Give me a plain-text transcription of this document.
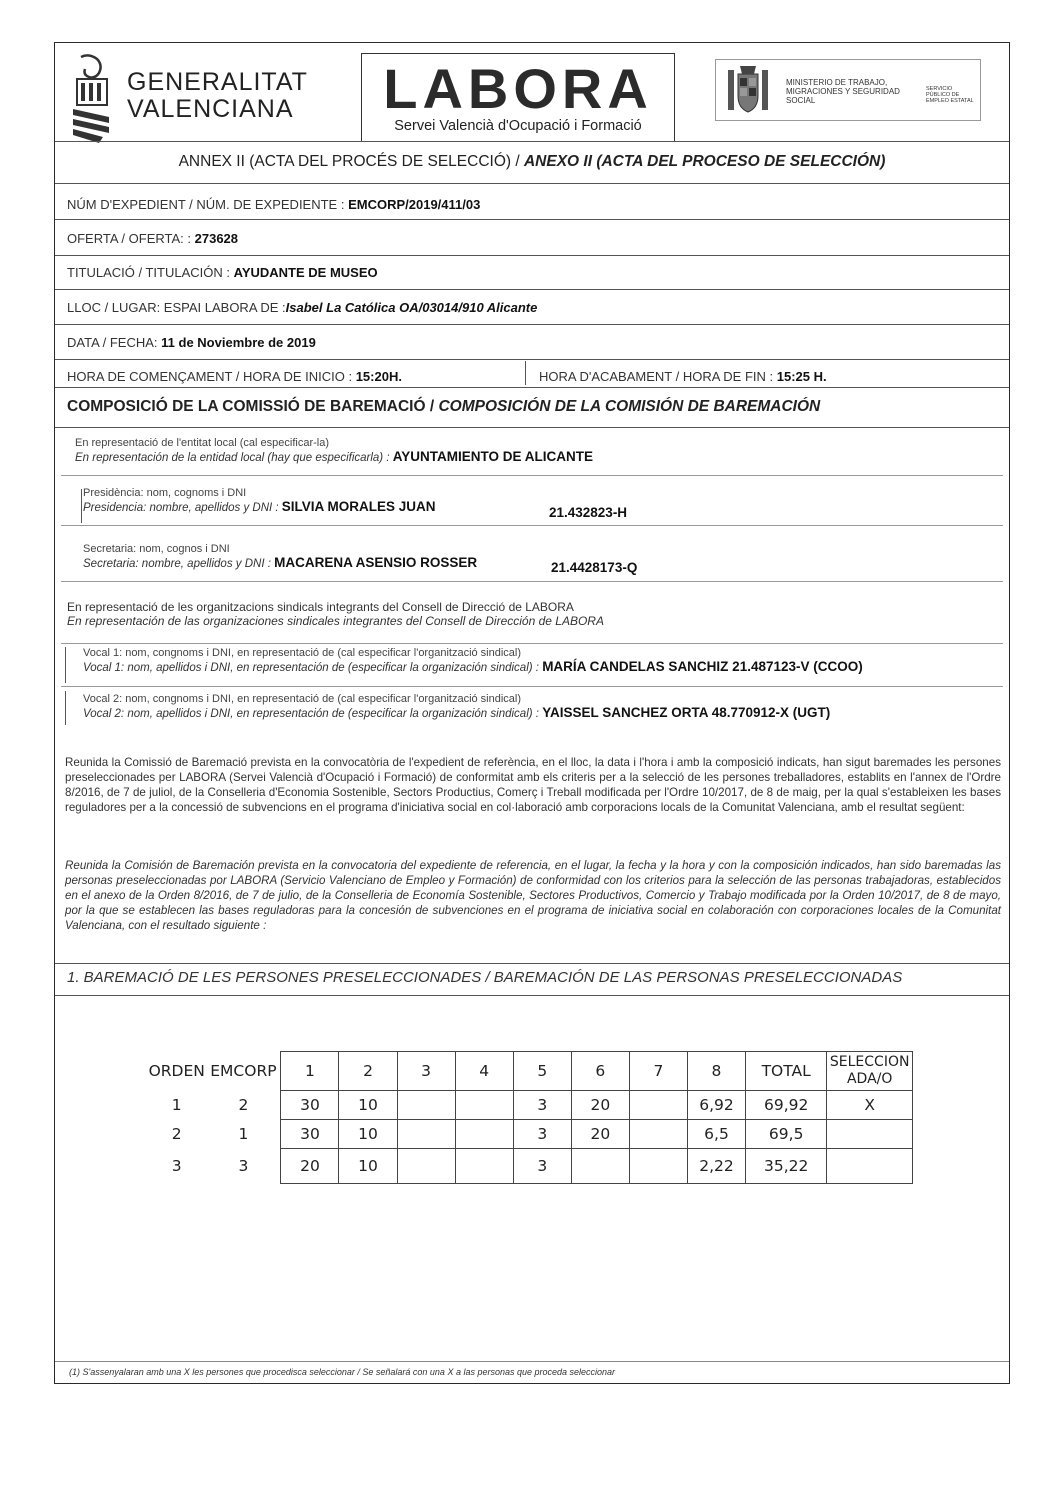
GENERALITAT
VALENCIANA	LABORA
Servei Valencià d'Ocupació i Formació
MINISTERIO DE TRABAJO, MIGRACIONES Y SEGURIDAD SOCIAL
SERVICIO PÚBLICO DE EMPLEO ESTATAL
ANNEX II (ACTA DEL PROCÉS DE SELECCIÓ) / ANEXO II (ACTA DEL PROCESO DE SELECCIÓN)
NÚM D'EXPEDIENT / NÚM. DE EXPEDIENTE : EMCORP/2019/411/03
OFERTA / OFERTA: : 273628
TITULACIÓ / TITULACIÓN : AYUDANTE DE MUSEO
LLOC / LUGAR: ESPAI LABORA DE :Isabel La Católica OA/03014/910 Alicante
DATA / FECHA: 11 de Noviembre de 2019
HORA DE COMENÇAMENT / HORA DE INICIO : 15:20H.	HORA D'ACABAMENT / HORA DE FIN : 15:25 H.
COMPOSICIÓ DE LA COMISSIÓ DE BAREMACIÓ / COMPOSICIÓN DE LA COMISIÓN DE BAREMACIÓN
En representació de l'entitat local (cal especificar-la)
En representación de la entidad local (hay que especificarla) : AYUNTAMIENTO DE ALICANTE
Presidència: nom, cognoms i DNI
Presidencia: nombre, apellidos y DNI : SILVIA MORALES JUAN	21.432823-H
Secretaria: nom, cognos i DNI
Secretaria: nombre, apellidos y DNI : MACARENA ASENSIO ROSSER	21.4428173-Q
En representació de les organitzacions sindicals integrants del Consell de Direcció de LABORA
En representación de las organizaciones sindicales integrantes del Consell de Dirección de LABORA
Vocal 1: nom, congnoms i DNI, en representació de (cal especificar l'organització sindical)
Vocal 1: nom, apellidos i DNI, en representación de (especificar la organización sindical) : MARÍA CANDELAS SANCHIZ 21.487123-V (CCOO)
Vocal 2: nom, congnoms i DNI, en representació de (cal especificar l'organització sindical)
Vocal 2: nom, apellidos i DNI, en representación de (especificar la organización sindical) : YAISSEL SANCHEZ ORTA 48.770912-X (UGT)
Reunida la Comissió de Baremació prevista en la convocatòria de l'expedient de referència, en el lloc, la data i l'hora i amb la composició indicats, han sigut baremades les persones preseleccionades per LABORA (Servei Valencià d'Ocupació i Formació) de conformitat amb els criteris per a la selecció de les persones treballadores, establits en l'annex de l'Ordre 8/2016, de 7 de juliol, de la Conselleria d'Economia Sostenible, Sectors Productius, Comerç i Treball modificada per l'Ordre 10/2017, de 8 de maig, per la qual s'estableixen les bases reguladores per a la concessió de subvencions en el programa d'iniciativa social en col·laboració amb corporacions locals de la Comunitat Valenciana, amb el resultat següent:
Reunida la Comisión de Baremación prevista en la convocatoria del expediente de referencia, en el lugar, la fecha y la hora y con la composición indicados, han sido baremadas las personas preseleccionadas por LABORA (Servicio Valenciano de Empleo y Formación) de conformidad con los criterios para la selección de las personas trabajadoras, establecidos en el anexo de la Orden 8/2016, de 7 de julio, de la Conselleria de Economía Sostenible, Sectores Productivos, Comercio y Trabajo modificada por la Orden 10/2017, de 8 de mayo, por la que se establecen las bases reguladoras para la concesión de subvenciones en el programa de iniciativa social en colaboración con corporaciones locales de la Comunitat Valenciana, con el resultado siguiente :
1. BAREMACIÓ DE LES PERSONES PRESELECCIONADES / BAREMACIÓN DE LAS PERSONAS PRESELECCIONADAS
ORDEN	EMCORP	1	2	3	4	5	6	7	8	TOTAL	SELECCION ADA/O
1	2	30	10			3	20		6,92	69,92	X
2	1	30	10			3	20		6,5	69,5	
3	3	20	10			3			2,22	35,22	
(1) S'assenyalaran amb una X les persones que procedisca seleccionar / Se señalará con una X a las personas que proceda seleccionar
